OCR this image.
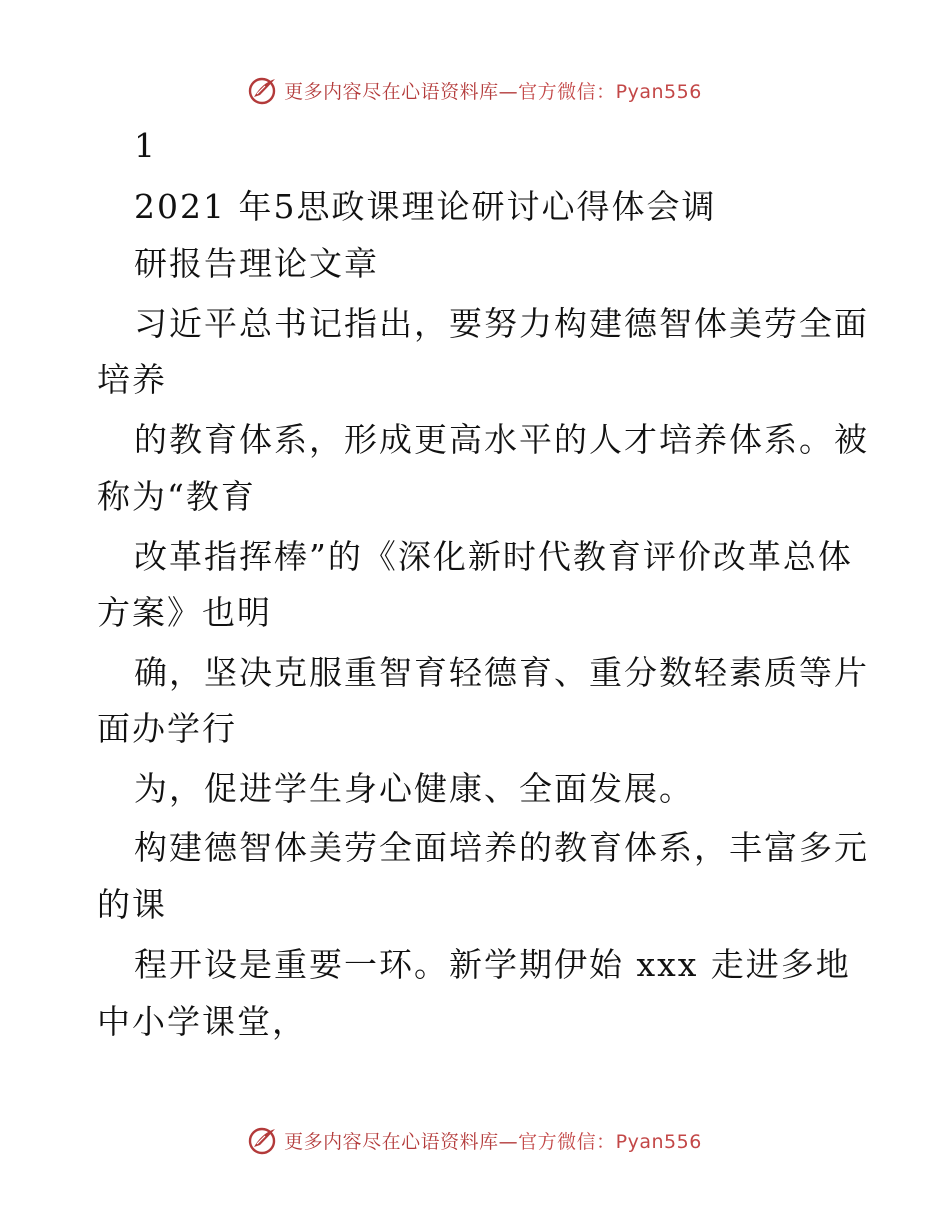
更多内容尽在心语资料库—官方微信：Pyan556
1
2021 年5思政课理论研讨心得体会调
研报告理论文章
习近平总书记指出，要努力构建德智体美劳全面
培养
的教育体系，形成更高水平的人才培养体系。被
称为“教育
改革指挥棒”的《深化新时代教育评价改革总体
方案》也明
确，坚决克服重智育轻德育、重分数轻素质等片
面办学行
为，促进学生身心健康、全面发展。
构建德智体美劳全面培养的教育体系，丰富多元
的课
程开设是重要一环。新学期伊始 xxx 走进多地
中小学课堂，
更多内容尽在心语资料库—官方微信：Pyan556
